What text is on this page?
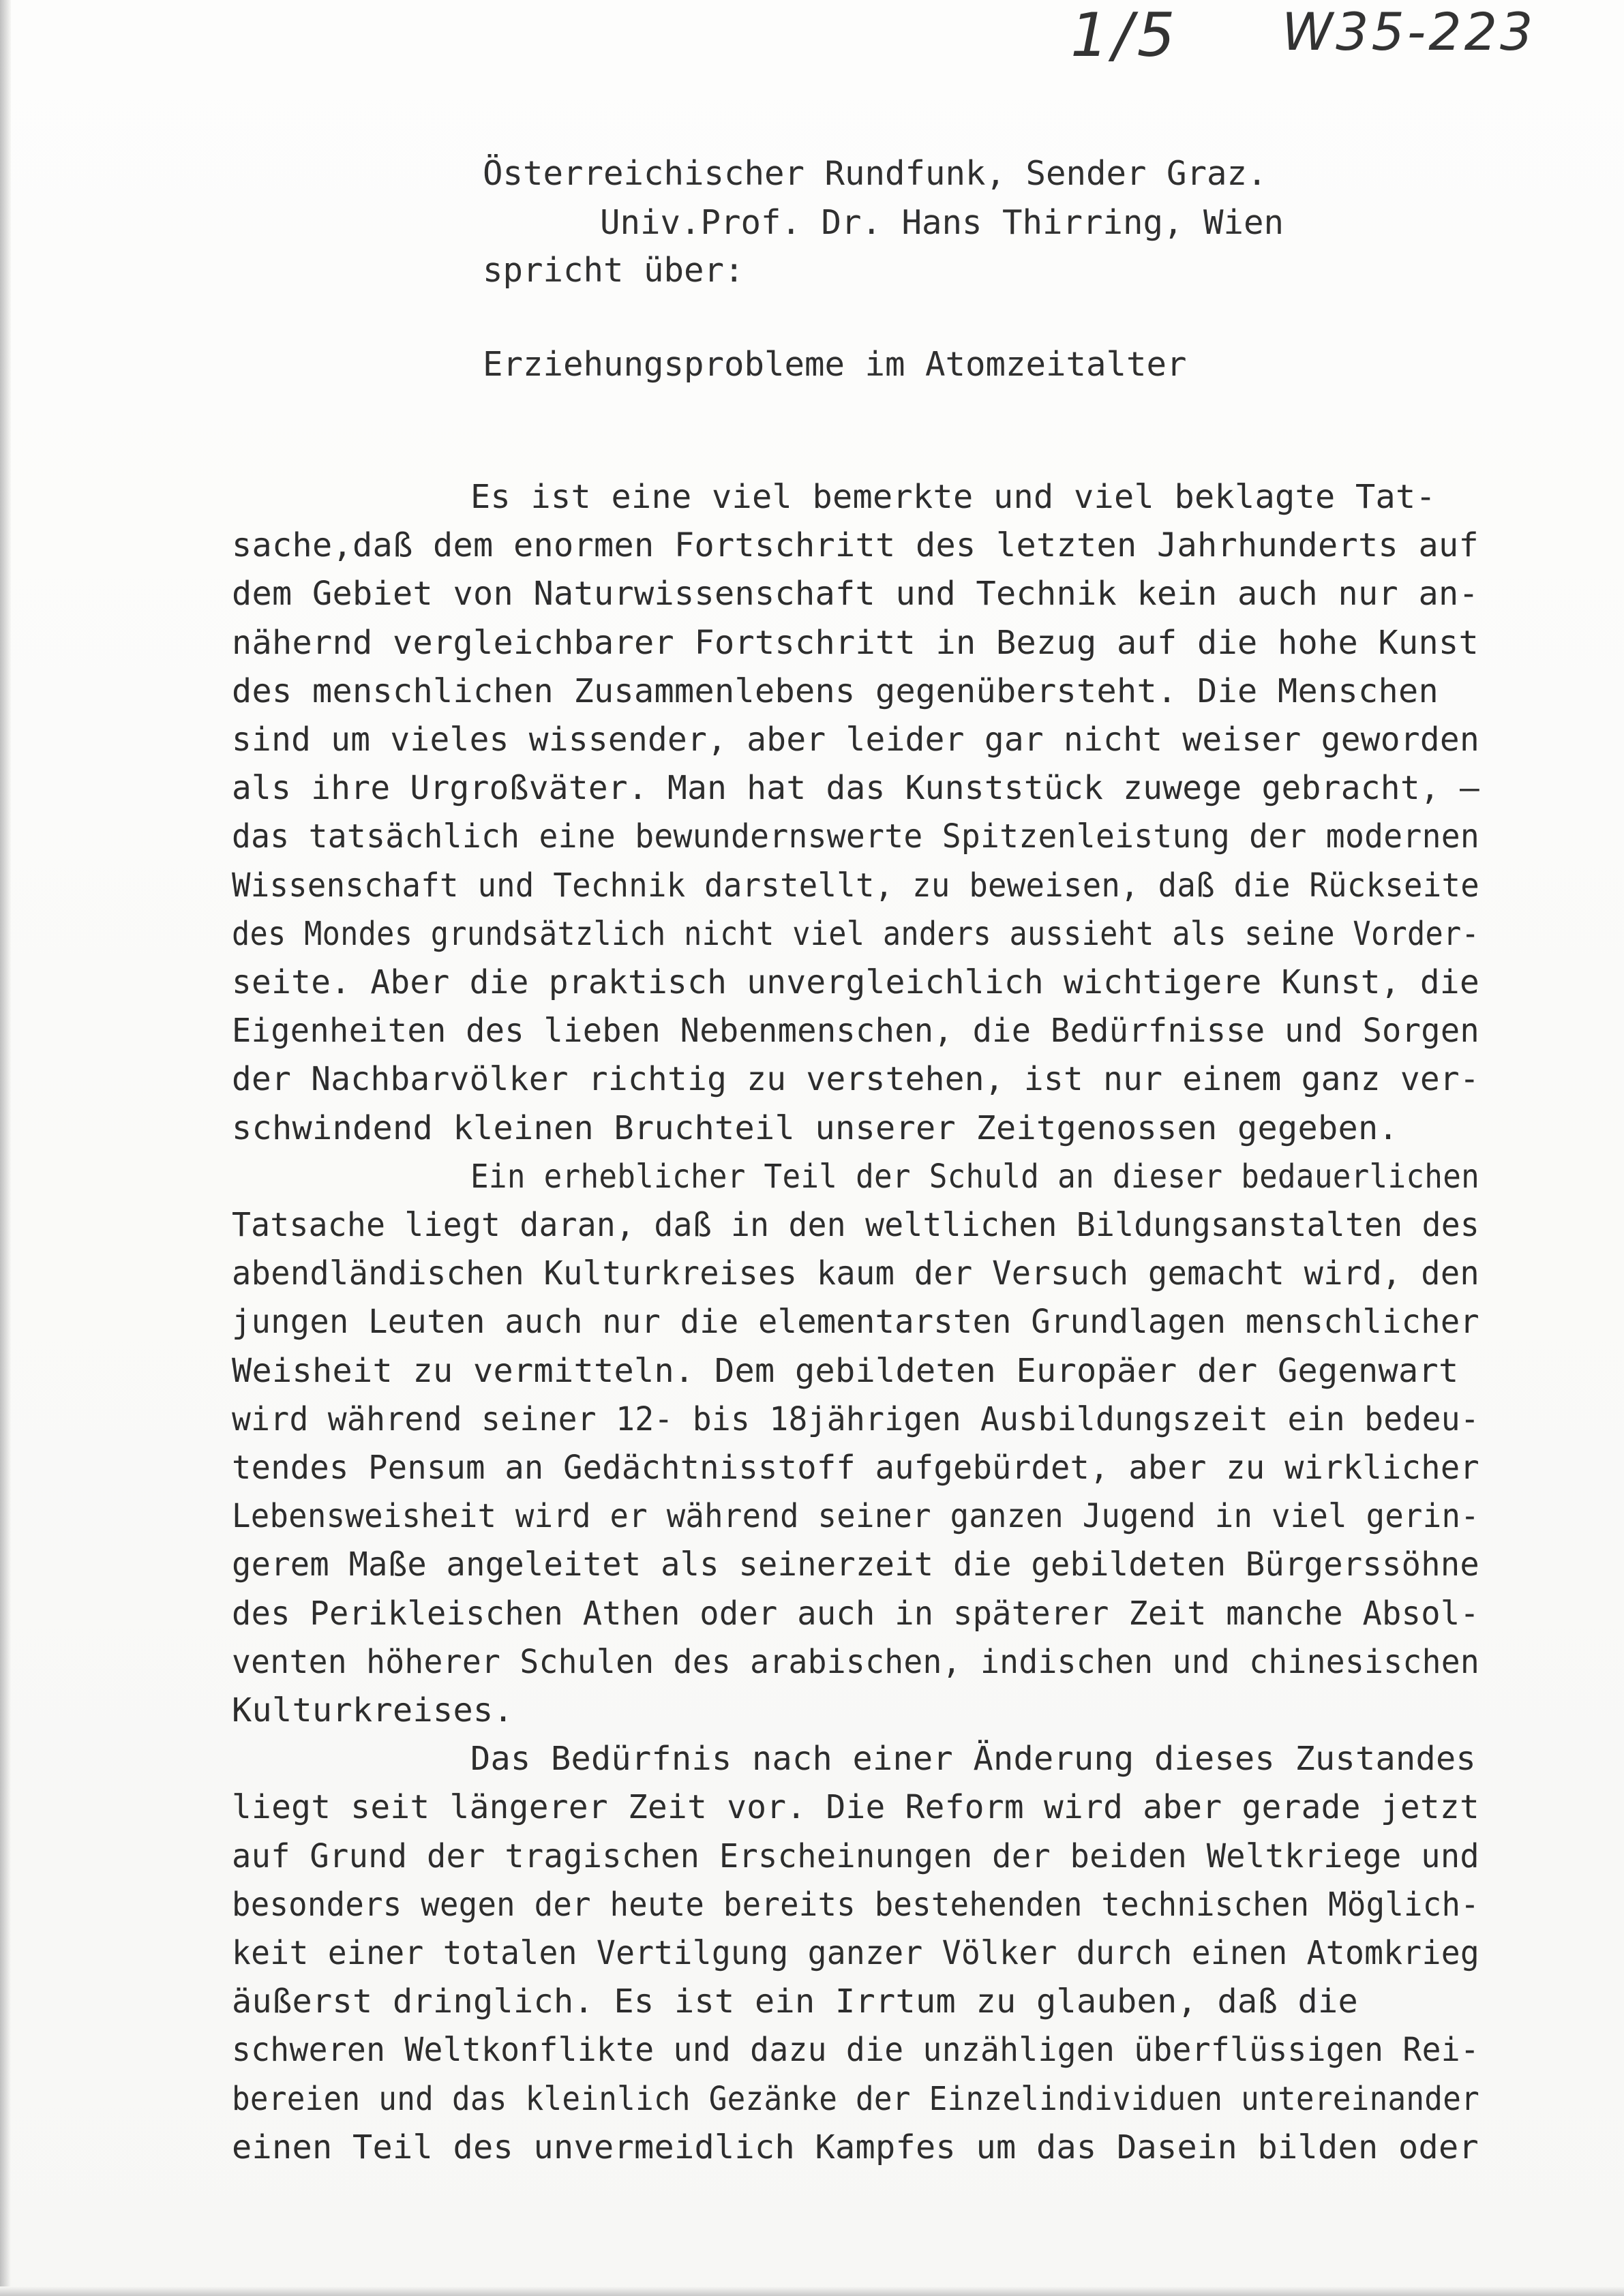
1/5 W35-223
Österreichischer Rundfunk, Sender Graz.
Univ.Prof. Dr. Hans Thirring, Wien
spricht über:
Erziehungsprobleme im Atomzeitalter
Es ist eine viel bemerkte und viel beklagte Tat-
sache,daß dem enormen Fortschritt des letzten Jahrhunderts auf
dem Gebiet von Naturwissenschaft und Technik kein auch nur an-
nähernd vergleichbarer Fortschritt in Bezug auf die hohe Kunst
des menschlichen Zusammenlebens gegenübersteht. Die Menschen
sind um vieles wissender, aber leider gar nicht weiser geworden
als ihre Urgroßväter. Man hat das Kunststück zuwege gebracht, —
das tatsächlich eine bewundernswerte Spitzenleistung der modernen
Wissenschaft und Technik darstellt, zu beweisen, daß die Rückseite
des Mondes grundsätzlich nicht viel anders aussieht als seine Vorder-
seite. Aber die praktisch unvergleichlich wichtigere Kunst, die
Eigenheiten des lieben Nebenmenschen, die Bedürfnisse und Sorgen
der Nachbarvölker richtig zu verstehen, ist nur einem ganz ver-
schwindend kleinen Bruchteil unserer Zeitgenossen gegeben.
Ein erheblicher Teil der Schuld an dieser bedauerlichen
Tatsache liegt daran, daß in den weltlichen Bildungsanstalten des
abendländischen Kulturkreises kaum der Versuch gemacht wird, den
jungen Leuten auch nur die elementarsten Grundlagen menschlicher
Weisheit zu vermitteln. Dem gebildeten Europäer der Gegenwart
wird während seiner 12- bis 18jährigen Ausbildungszeit ein bedeu-
tendes Pensum an Gedächtnisstoff aufgebürdet, aber zu wirklicher
Lebensweisheit wird er während seiner ganzen Jugend in viel gerin-
gerem Maße angeleitet als seinerzeit die gebildeten Bürgerssöhne
des Perikleischen Athen oder auch in späterer Zeit manche Absol-
venten höherer Schulen des arabischen, indischen und chinesischen
Kulturkreises.
Das Bedürfnis nach einer Änderung dieses Zustandes
liegt seit längerer Zeit vor. Die Reform wird aber gerade jetzt
auf Grund der tragischen Erscheinungen der beiden Weltkriege und
besonders wegen der heute bereits bestehenden technischen Möglich-
keit einer totalen Vertilgung ganzer Völker durch einen Atomkrieg
äußerst dringlich. Es ist ein Irrtum zu glauben, daß die
schweren Weltkonflikte und dazu die unzähligen überflüssigen Rei-
bereien und das kleinlich Gezänke der Einzelindividuen untereinander
einen Teil des unvermeidlich Kampfes um das Dasein bilden oder
